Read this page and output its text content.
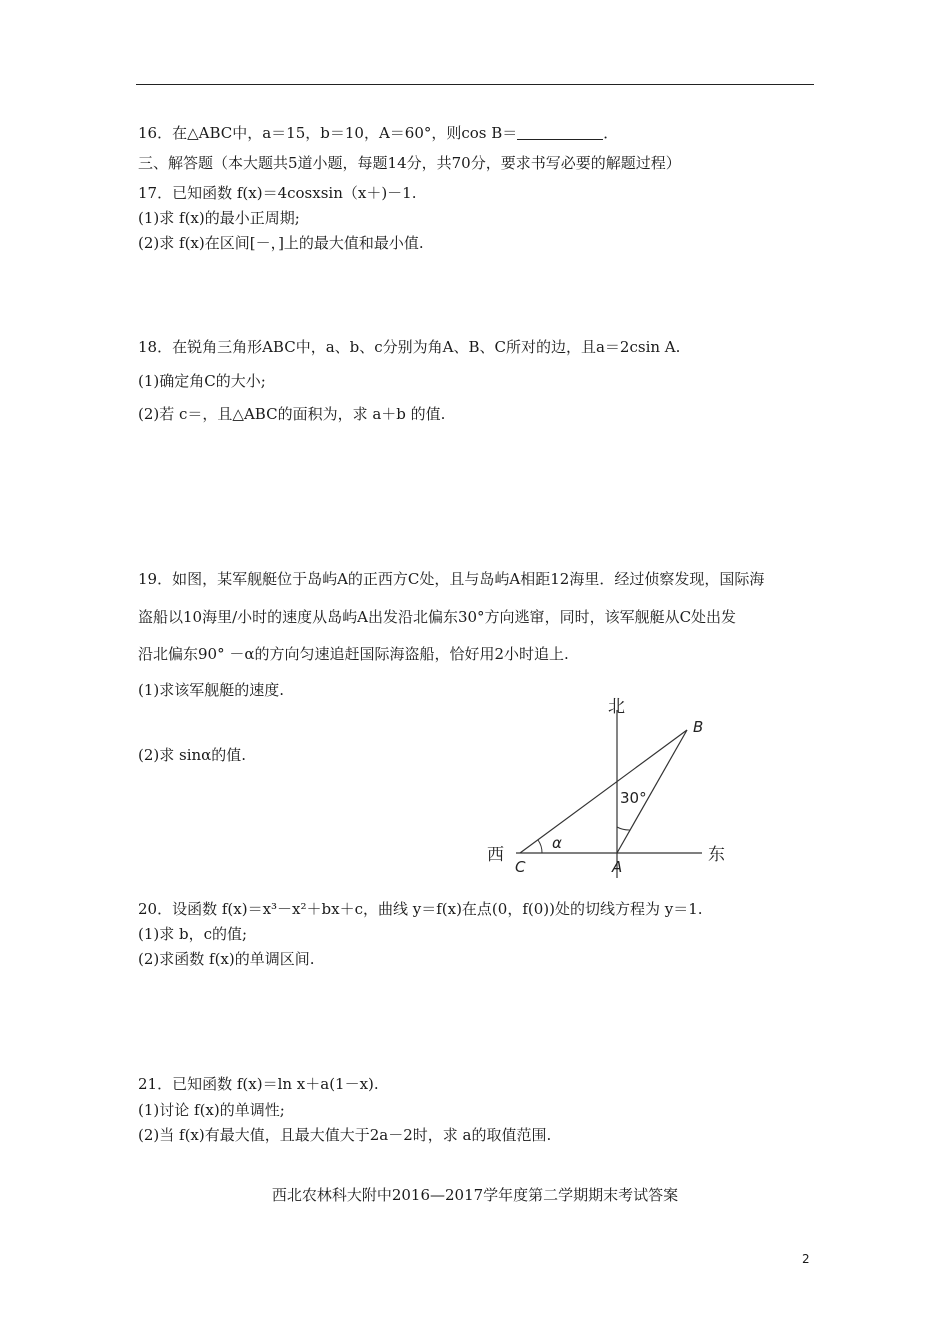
16．在△ABC中，a＝15，b＝10，A＝60°，则cos B＝	．
三、解答题（本大题共5道小题，每题14分，共70分，要求书写必要的解题过程）
17．已知函数 f(x)＝4cosxsin（x＋)－1.
(1)求 f(x)的最小正周期;
(2)求 f(x)在区间[－，]上的最大值和最小值.
18．在锐角三角形ABC中，a、b、c分别为角A、B、C所对的边，且a＝2csin A.
(1)确定角C的大小;
(2)若 c＝，且△ABC的面积为，求 a＋b 的值.
19．如图，某军舰艇位于岛屿A的正西方C处，且与岛屿A相距12海里．经过侦察发现，国际海
盗船以10海里/小时的速度从岛屿A出发沿北偏东30°方向逃窜，同时，该军舰艇从C处出发
沿北偏东90° －α的方向匀速追赶国际海盗船，恰好用2小时追上.
(1)求该军舰艇的速度.
(2)求 sinα的值.
北
西	东
B
C	A
30°
α
20．设函数 f(x)＝x³－x²＋bx＋c，曲线 y＝f(x)在点(0，f(0))处的切线方程为 y＝1.
(1)求 b，c的值;
(2)求函数 f(x)的单调区间.
21．已知函数 f(x)＝ln x＋a(1－x).
(1)讨论 f(x)的单调性;
(2)当 f(x)有最大值，且最大值大于2a－2时，求 a的取值范围.
西北农林科大附中2016—2017学年度第二学期期末考试答案
2
